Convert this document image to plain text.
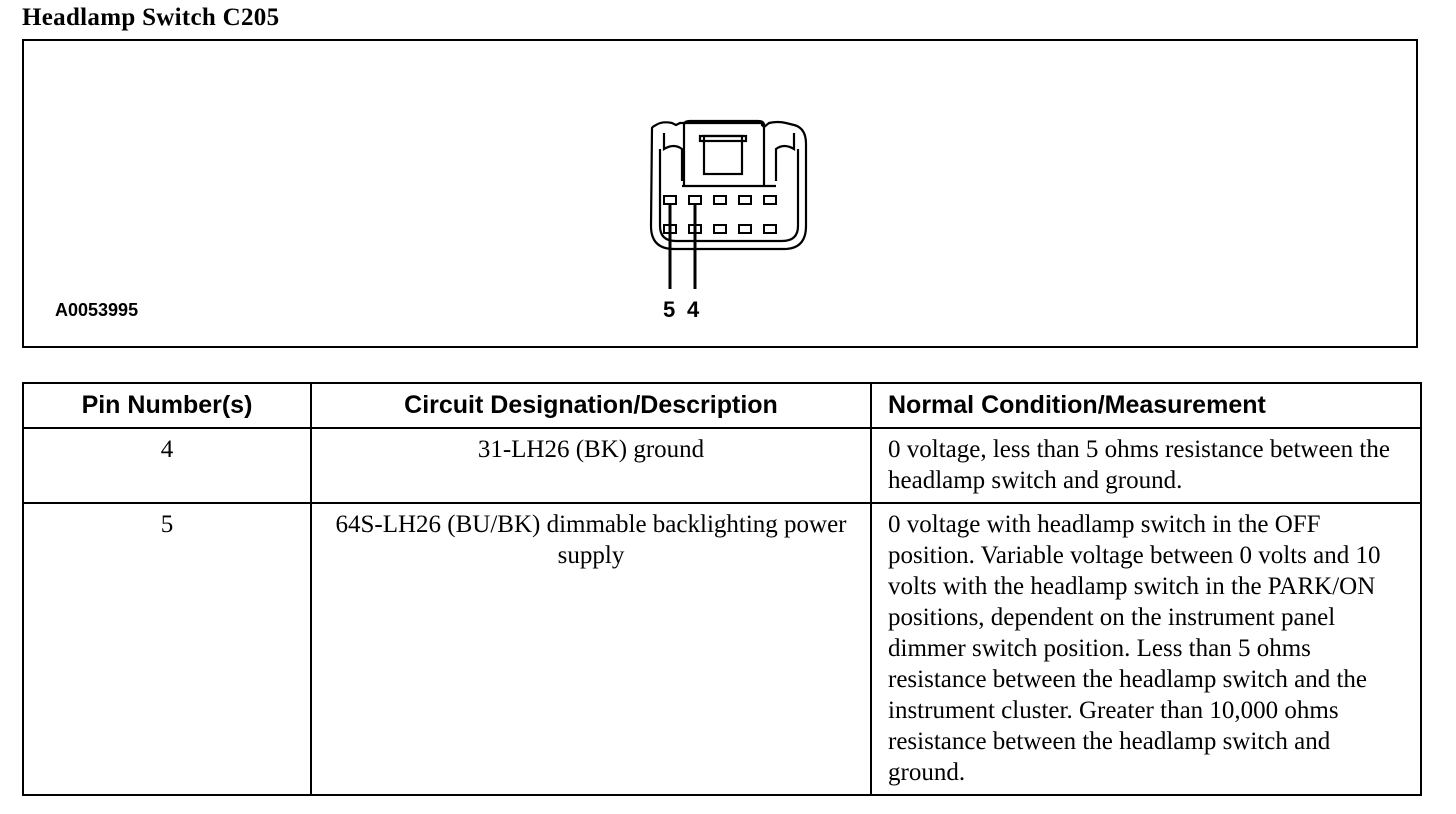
Headlamp Switch C205
A0053995	5 4
Pin Number(s)	Circuit Designation/Description	Normal Condition/Measurement
4	31-LH26 (BK) ground	0 voltage, less than 5 ohms resistance between the headlamp switch and ground.
5	64S-LH26 (BU/BK) dimmable backlighting power supply	0 voltage with headlamp switch in the OFF position. Variable voltage between 0 volts and 10 volts with the headlamp switch in the PARK/ON positions, dependent on the instrument panel dimmer switch position. Less than 5 ohms resistance between the headlamp switch and the instrument cluster. Greater than 10,000 ohms resistance between the headlamp switch and ground.
